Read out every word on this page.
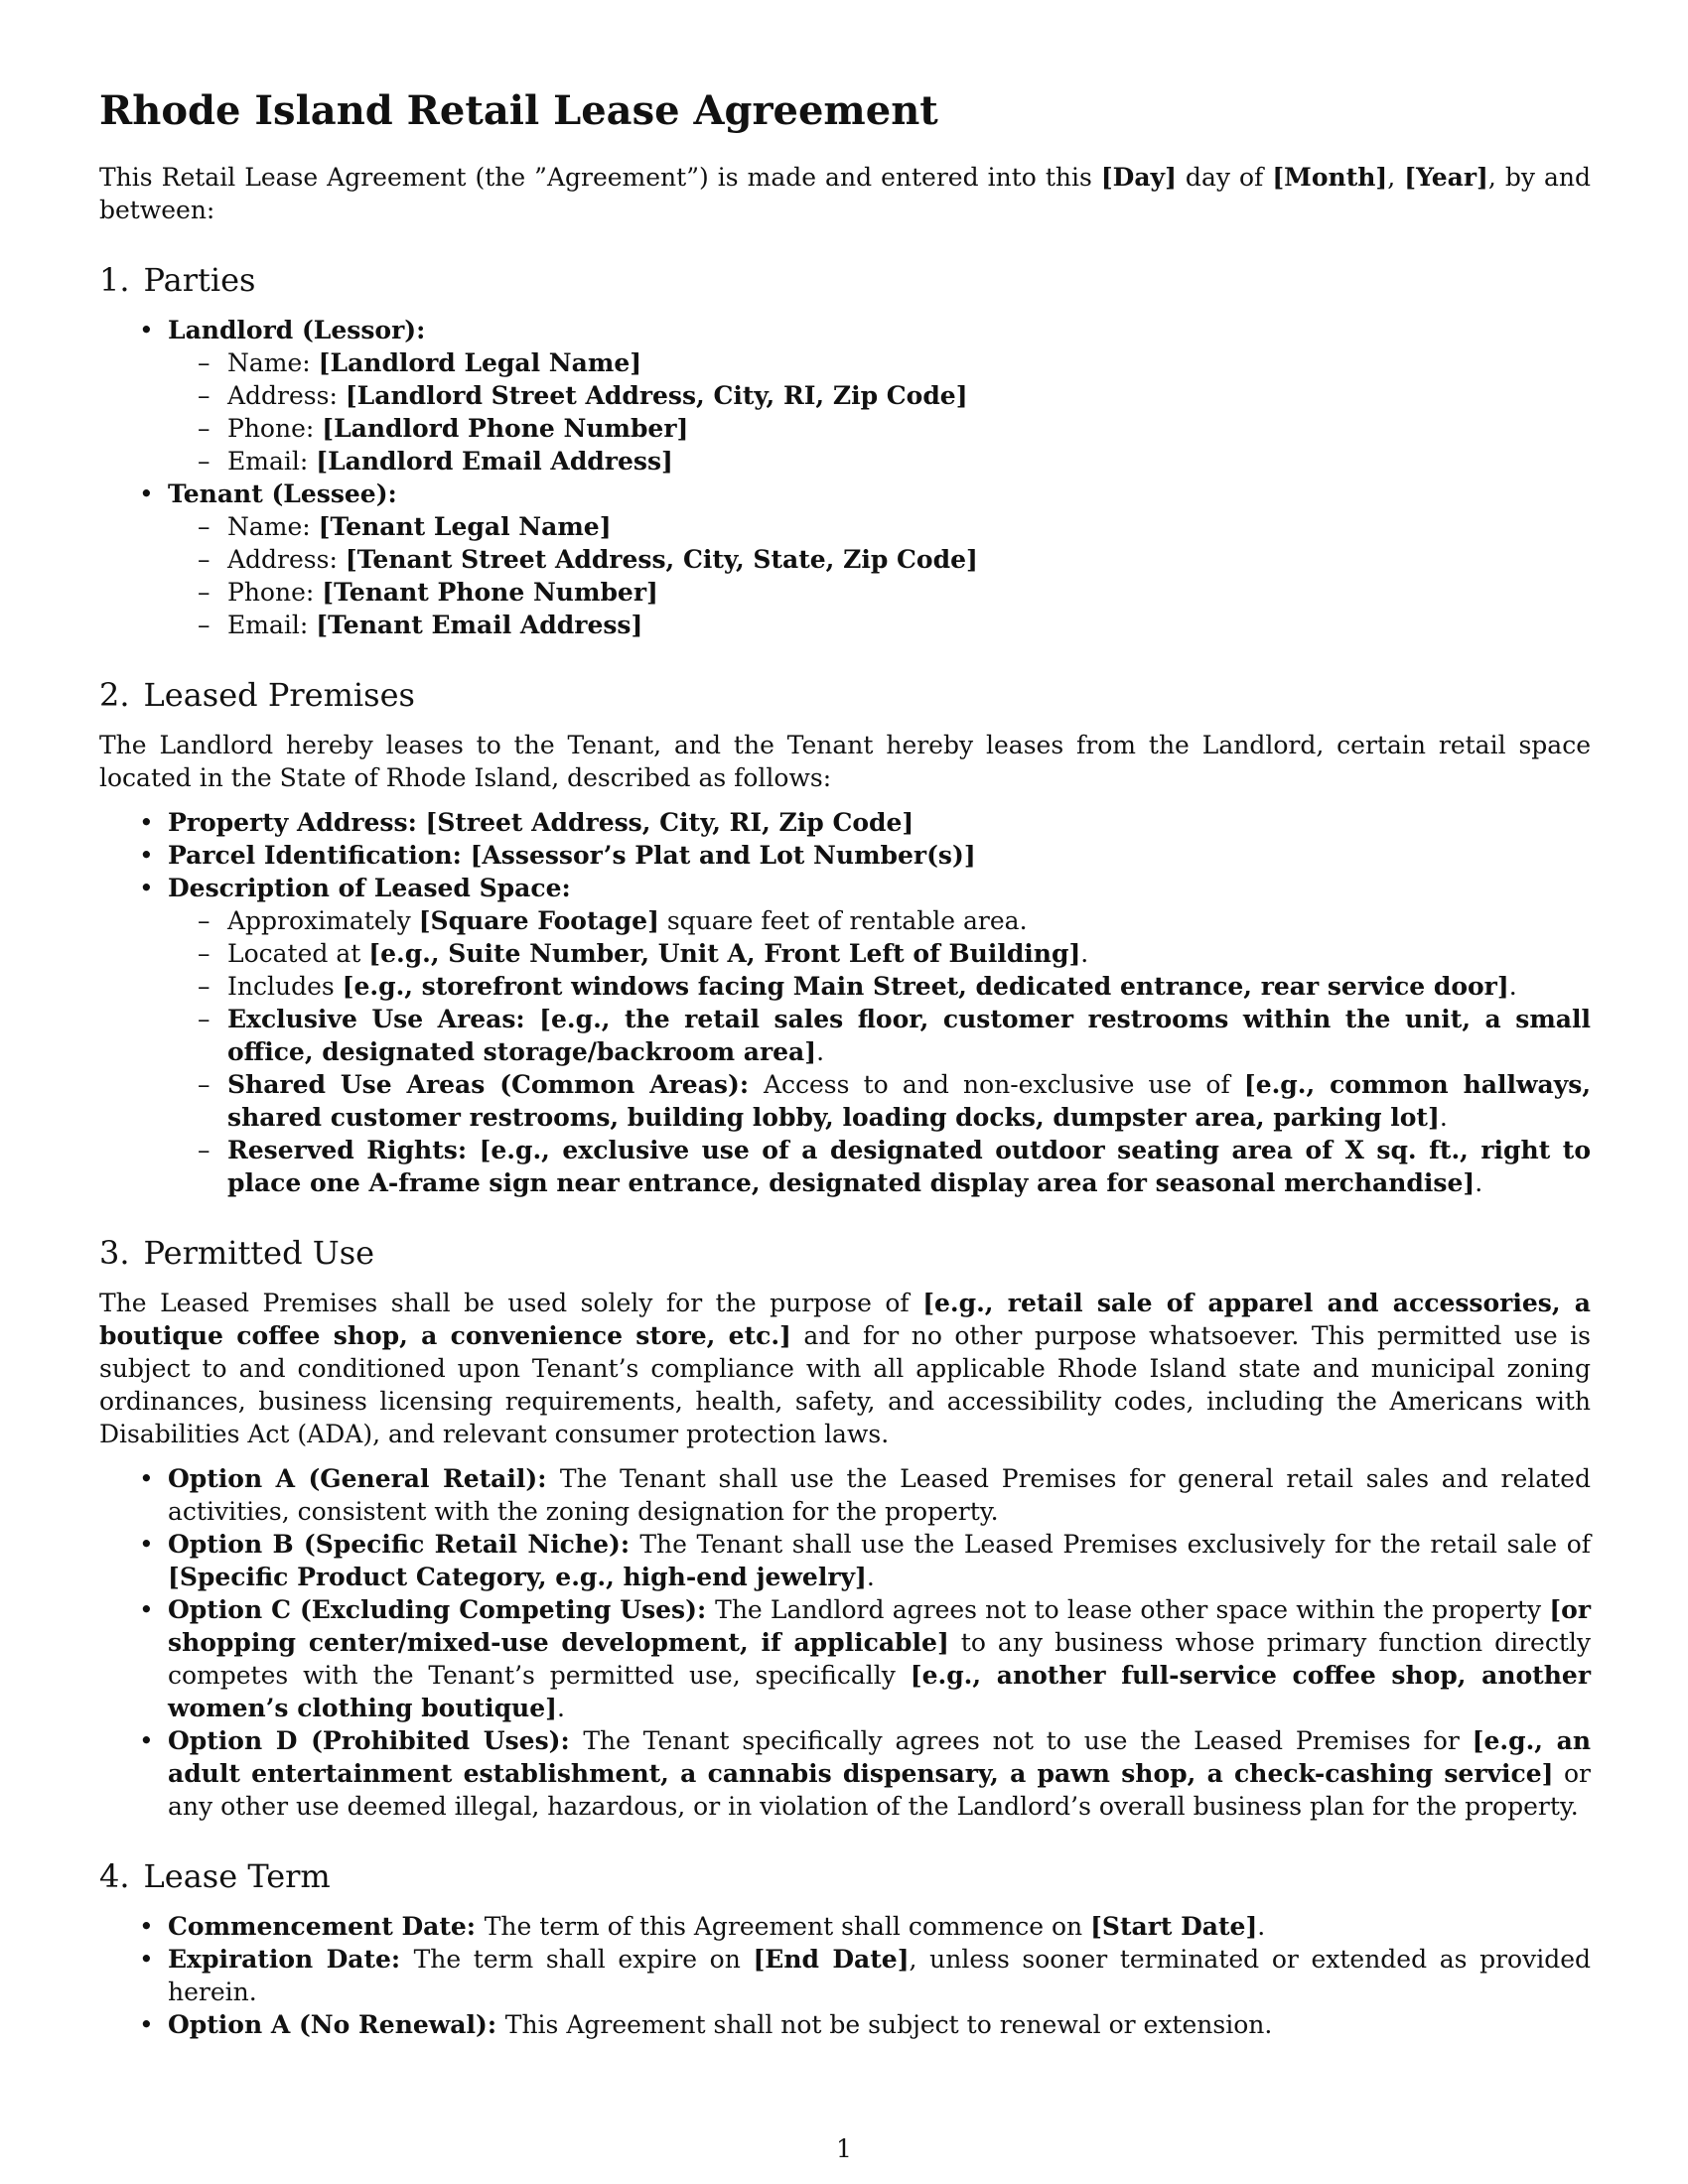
Rhode Island Retail Lease Agreement

This Retail Lease Agreement (the ”Agreement”) is made and entered into this [Day] day of [Month], [Year], by and between:

1. Parties
• Landlord (Lessor):
– Name: [Landlord Legal Name]
– Address: [Landlord Street Address, City, RI, Zip Code]
– Phone: [Landlord Phone Number]
– Email: [Landlord Email Address]
• Tenant (Lessee):
– Name: [Tenant Legal Name]
– Address: [Tenant Street Address, City, State, Zip Code]
– Phone: [Tenant Phone Number]
– Email: [Tenant Email Address]
2. Leased Premises

The Landlord hereby leases to the Tenant, and the Tenant hereby leases from the Landlord, certain retail space located in the State of Rhode Island, described as follows:

• Property Address: [Street Address, City, RI, Zip Code]
• Parcel Identification: [Assessor’s Plat and Lot Number(s)]
• Description of Leased Space:
– Approximately [Square Footage] square feet of rentable area.
– Located at [e.g., Suite Number, Unit A, Front Left of Building].
– Includes [e.g., storefront windows facing Main Street, dedicated entrance, rear service door].
– Exclusive Use Areas: [e.g., the retail sales floor, customer restrooms within the unit, a small office, designated storage/backroom area].
– Shared Use Areas (Common Areas): Access to and non-exclusive use of [e.g., common hallways, shared customer restrooms, building lobby, loading docks, dumpster area, parking lot].
– Reserved Rights: [e.g., exclusive use of a designated outdoor seating area of X sq. ft., right to place one A-frame sign near entrance, designated display area for seasonal merchandise].
3. Permitted Use

The Leased Premises shall be used solely for the purpose of [e.g., retail sale of apparel and accessories, a boutique coffee shop, a convenience store, etc.] and for no other purpose whatsoever. This permitted use is subject to and conditioned upon Tenant’s compliance with all applicable Rhode Island state and municipal zoning ordinances, business licensing requirements, health, safety, and accessibility codes, including the Americans with Disabilities Act (ADA), and relevant consumer protection laws.

• Option A (General Retail): The Tenant shall use the Leased Premises for general retail sales and related activities, consistent with the zoning designation for the property.
• Option B (Specific Retail Niche): The Tenant shall use the Leased Premises exclusively for the retail sale of [Specific Product Category, e.g., high-end jewelry].
• Option C (Excluding Competing Uses): The Landlord agrees not to lease other space within the property [or shopping center/mixed-use development, if applicable] to any business whose primary function directly competes with the Tenant’s permitted use, specifically [e.g., another full-service coffee shop, another women’s clothing boutique].
• Option D (Prohibited Uses): The Tenant specifically agrees not to use the Leased Premises for [e.g., an adult entertainment establishment, a cannabis dispensary, a pawn shop, a check-cashing service] or any other use deemed illegal, hazardous, or in violation of the Landlord’s overall business plan for the property.
4. Lease Term
• Commencement Date: The term of this Agreement shall commence on [Start Date].
• Expiration Date: The term shall expire on [End Date], unless sooner terminated or extended as provided herein.
• Option A (No Renewal): This Agreement shall not be subject to renewal or extension.
1
